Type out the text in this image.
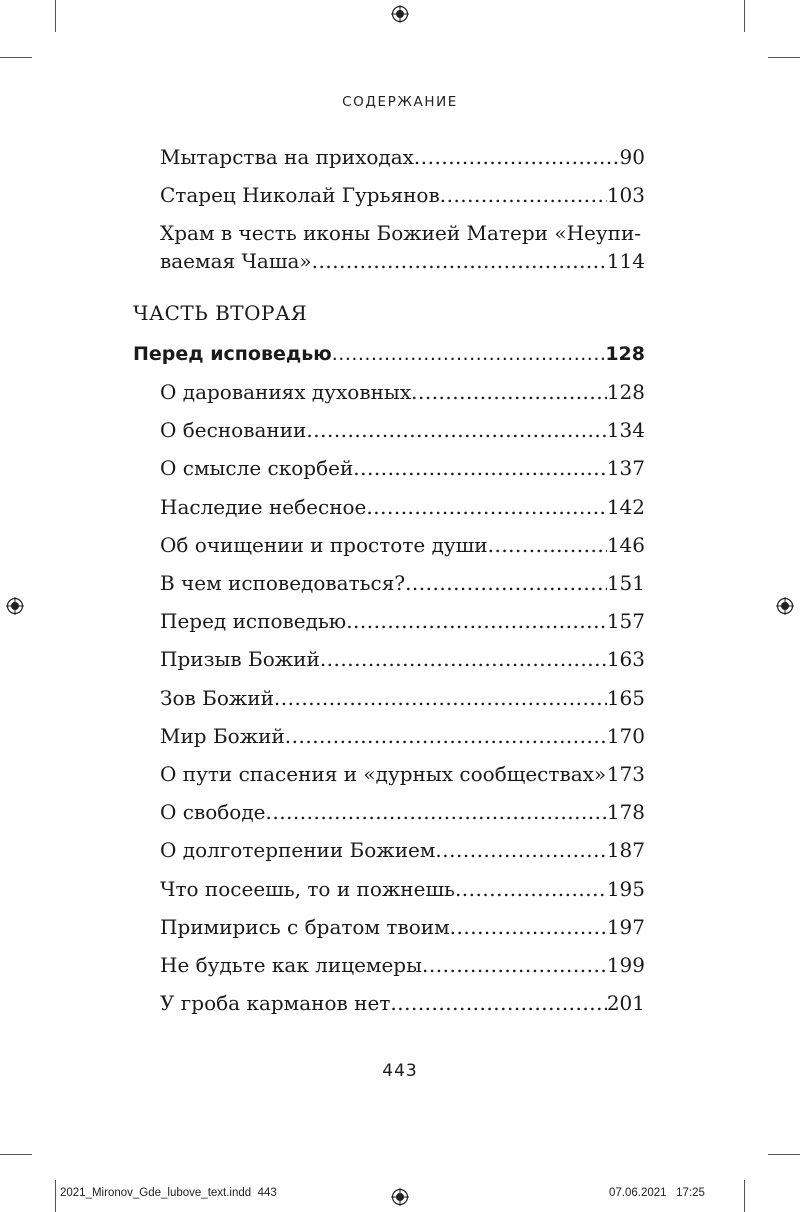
СОДЕРЖАНИЕ
Мытарства на приходах .....	90
Старец Николай Гурьянов .....	103
Храм в честь иконы Божией Матери «Неупи-
ваемая Чаша» .....	114
ЧАСТЬ ВТОРАЯ
Перед исповедью .....	128
О дарованиях духовных .....	128
О бесновании .....	134
О смысле скорбей .....	137
Наследие небесное .....	142
Об очищении и простоте души .....	146
В чем исповедоваться? .....	151
Перед исповедью .....	157
Призыв Божий .....	163
Зов Божий .....	165
Мир Божий .....	170
О пути спасения и «дурных сообществах» ..... 173
О свободе .....	178
О долготерпении Божием .....	187
Что посеешь, то и пожнешь .....	195
Примирись с братом твоим .....	197
Не будьте как лицемеры .....	199
У гроба карманов нет .....	201
443
2021_Mironov_Gde_lubove_text.indd 443	07.06.2021 17:25
